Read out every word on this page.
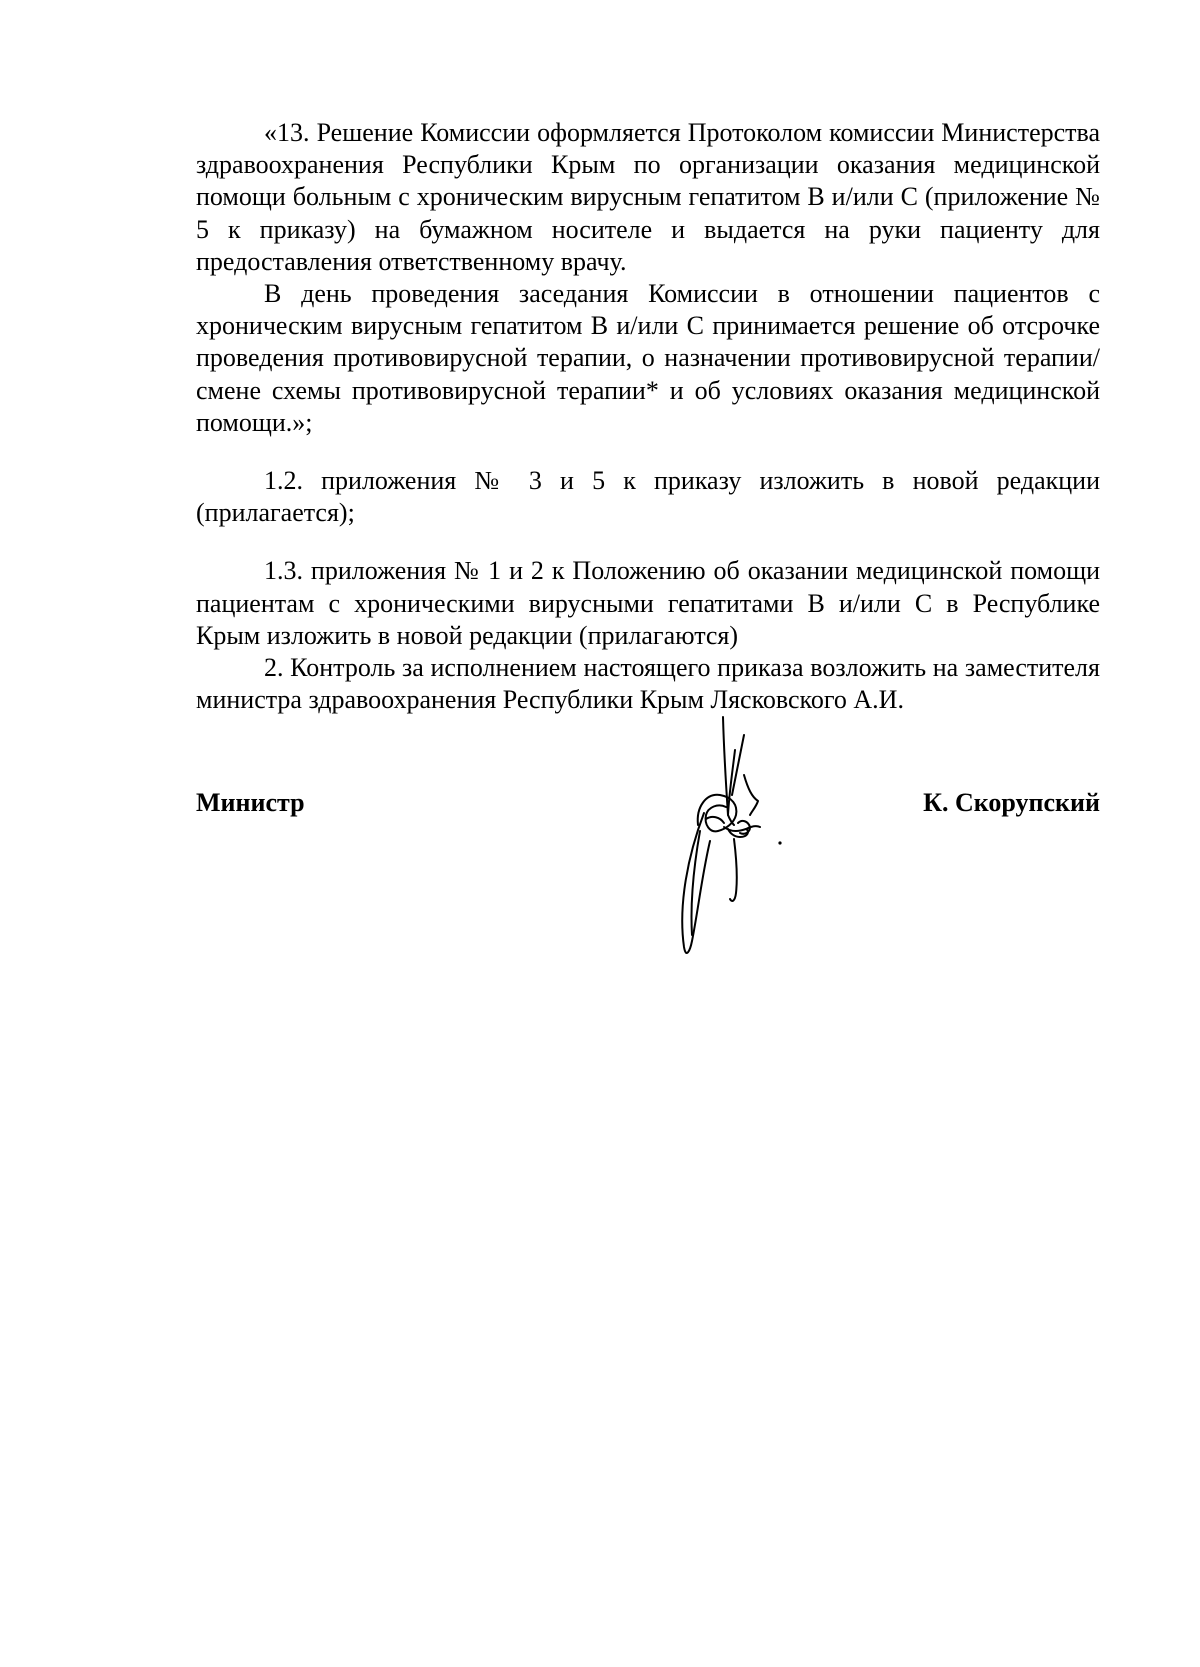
«13. Решение Комиссии оформляется Протоколом комиссии Министерства здравоохранения Республики Крым по организации оказания медицинской помощи больным с хроническим вирусным гепатитом В и/или С (приложение № 5 к приказу) на бумажном носителе и выдается на руки пациенту для предоставления ответственному врачу.

В день проведения заседания Комиссии в отношении пациентов с хроническим вирусным гепатитом В и/или С принимается решение об отсрочке проведения противовирусной терапии, о назначении противовирусной терапии/смене схемы противовирусной терапии* и об условиях оказания медицинской помощи.»;

1.2. приложения № 3 и 5 к приказу изложить в новой редакции (прилагается);

1.3. приложения № 1 и 2 к Положению об оказании медицинской помощи пациентам с хроническими вирусными гепатитами В и/или С в Республике Крым изложить в новой редакции (прилагаются)

2. Контроль за исполнением настоящего приказа возложить на заместителя министра здравоохранения Республики Крым Лясковского А.И.

Министр	К. Скорупский
